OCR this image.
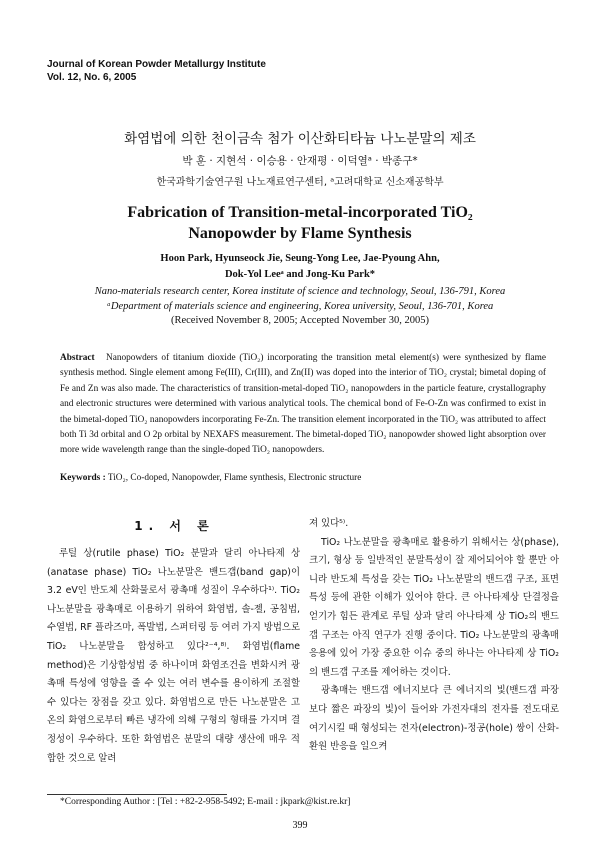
Journal of Korean Powder Metallurgy Institute
Vol. 12, No. 6, 2005
화염법에 의한 천이금속 첨가 이산화티타늄 나노분말의 제조
박 훈 · 지현석 · 이승용 · 안재평 · 이덕열ᵃ · 박종구*
한국과학기술연구원 나노재료연구센터, ᵃ고려대학교 신소재공학부
Fabrication of Transition-metal-incorporated TiO₂
Nanopowder by Flame Synthesis
Hoon Park, Hyunseock Jie, Seung-Yong Lee, Jae-Pyoung Ahn,
Dok-Yol Leeᵃ and Jong-Ku Park*
Nano-materials research center, Korea institute of science and technology, Seoul, 136-791, Korea
ᵃDepartment of materials science and engineering, Korea university, Seoul, 136-701, Korea
(Received November 8, 2005; Accepted November 30, 2005)
Abstract Nanopowders of titanium dioxide (TiO₂) incorporating the transition metal element(s) were synthesized by flame synthesis method. Single element among Fe(III), Cr(III), and Zn(II) was doped into the interior of TiO₂ crystal; bimetal doping of Fe and Zn was also made. The characteristics of transition-metal-doped TiO₂ nanopowders in the particle feature, crystallography and electronic structures were determined with various analytical tools. The chemical bond of Fe-O-Zn was confirmed to exist in the bimetal-doped TiO₂ nanopowders incorporating Fe-Zn. The transition element incorporated in the TiO₂ was attributed to affect both Ti 3d orbital and O 2p orbital by NEXAFS measurement. The bimetal-doped TiO₂ nanopowder showed light absorption over more wide wavelength range than the single-doped TiO₂ nanopowders.
Keywords : TiO₂, Co-doped, Nanopowder, Flame synthesis, Electronic structure
1. 서 론

루틸 상(rutile phase) TiO₂ 분말과 달리 아나타제 상(anatase phase) TiO₂ 나노분말은 밴드갭(band gap)이 3.2 eV인 반도체 산화물로서 광촉매 성질이 우수하다¹⁾. TiO₂ 나노분말을 광촉매로 이용하기 위하여 화염법, 솔-젤, 공침법, 수열법, RF 플라즈마, 폭발법, 스퍼터링 등 여러 가지 방법으로 TiO₂ 나노분말을 합성하고 있다²⁻⁴,⁸⁾. 화염법(flame method)은 기상합성법 중 하나이며 화염조건을 변화시켜 광촉매 특성에 영향을 줄 수 있는 여러 변수를 용이하게 조절할 수 있다는 장점을 갖고 있다. 화염법으로 만든 나노분말은 고온의 화염으로부터 빠른 냉각에 의해 구형의 형태를 가지며 결정성이 우수하다. 또한 화염법은 분말의 대량 생산에 매우 적합한 것으로 알려

져 있다⁵⁾.

TiO₂ 나노분말을 광촉매로 활용하기 위해서는 상(phase), 크기, 형상 등 일반적인 분말특성이 잘 제어되어야 할 뿐만 아니라 반도체 특성을 갖는 TiO₂ 나노분말의 밴드갭 구조, 표면특성 등에 관한 이해가 있어야 한다. 큰 아나타제상 단결정을 얻기가 힘든 관계로 루틸 상과 달리 아나타제 상 TiO₂의 밴드갭 구조는 아직 연구가 진행 중이다. TiO₂ 나노분말의 광촉매 응용에 있어 가장 중요한 이슈 중의 하나는 아나타제 상 TiO₂의 밴드갭 구조를 제어하는 것이다.

광촉매는 밴드갭 에너지보다 큰 에너지의 빛(밴드갭 파장보다 짧은 파장의 빛)이 들어와 가전자대의 전자를 전도대로 여기시킬 때 형성되는 전자(electron)-정공(hole) 쌍이 산화-환원 반응을 일으켜

*Corresponding Author : [Tel : +82-2-958-5492; E-mail : jkpark@kist.re.kr]
399
